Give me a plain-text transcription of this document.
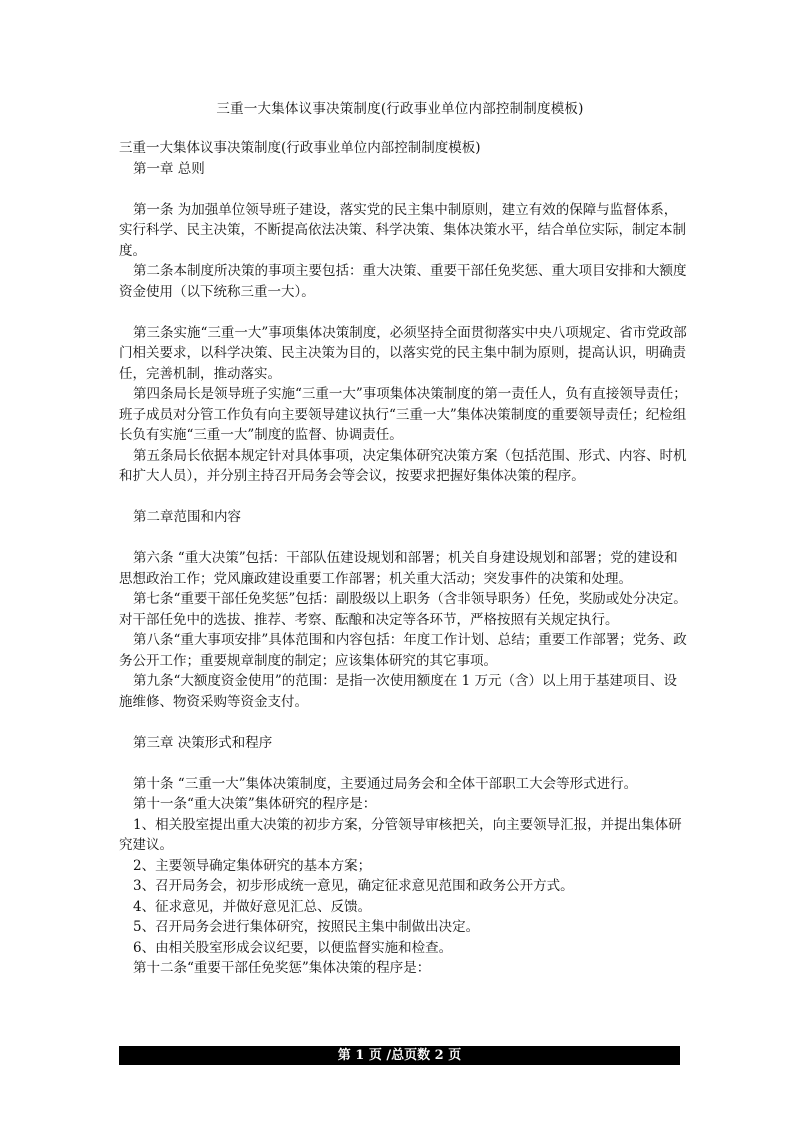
三重一大集体议事决策制度(行政事业单位内部控制制度模板)

三重一大集体议事决策制度(行政事业单位内部控制制度模板)

第一章 总则

第一条 为加强单位领导班子建设，落实党的民主集中制原则，建立有效的保障与监督体系，实行科学、民主决策，不断提高依法决策、科学决策、集体决策水平，结合单位实际，制定本制度。

第二条本制度所决策的事项主要包括：重大决策、重要干部任免奖惩、重大项目安排和大额度资金使用（以下统称三重一大）。

第三条实施“三重一大”事项集体决策制度，必须坚持全面贯彻落实中央八项规定、省市党政部门相关要求，以科学决策、民主决策为目的，以落实党的民主集中制为原则，提高认识，明确责任，完善机制，推动落实。

第四条局长是领导班子实施“三重一大”事项集体决策制度的第一责任人，负有直接领导责任；班子成员对分管工作负有向主要领导建议执行“三重一大”集体决策制度的重要领导责任；纪检组长负有实施“三重一大”制度的监督、协调责任。

第五条局长依据本规定针对具体事项，决定集体研究决策方案（包括范围、形式、内容、时机和扩大人员），并分别主持召开局务会等会议，按要求把握好集体决策的程序。

第二章范围和内容

第六条 “重大决策”包括：干部队伍建设规划和部署；机关自身建设规划和部署；党的建设和思想政治工作；党风廉政建设重要工作部署；机关重大活动；突发事件的决策和处理。

第七条“重要干部任免奖惩”包括：副股级以上职务（含非领导职务）任免，奖励或处分决定。对干部任免中的选拔、推荐、考察、酝酿和决定等各环节，严格按照有关规定执行。

第八条“重大事项安排”具体范围和内容包括：年度工作计划、总结；重要工作部署；党务、政务公开工作；重要规章制度的制定；应该集体研究的其它事项。

第九条“大额度资金使用”的范围：是指一次使用额度在 1 万元（含）以上用于基建项目、设施维修、物资采购等资金支付。

第三章 决策形式和程序

第十条 “三重一大”集体决策制度，主要通过局务会和全体干部职工大会等形式进行。

第十一条“重大决策”集体研究的程序是：

1、相关股室提出重大决策的初步方案，分管领导审核把关，向主要领导汇报，并提出集体研究建议。

2、主要领导确定集体研究的基本方案；

3、召开局务会，初步形成统一意见，确定征求意见范围和政务公开方式。

4、征求意见，并做好意见汇总、反馈。

5、召开局务会进行集体研究，按照民主集中制做出决定。

6、由相关股室形成会议纪要，以便监督实施和检查。

第十二条“重要干部任免奖惩”集体决策的程序是：

第 1 页 /总页数 2 页
